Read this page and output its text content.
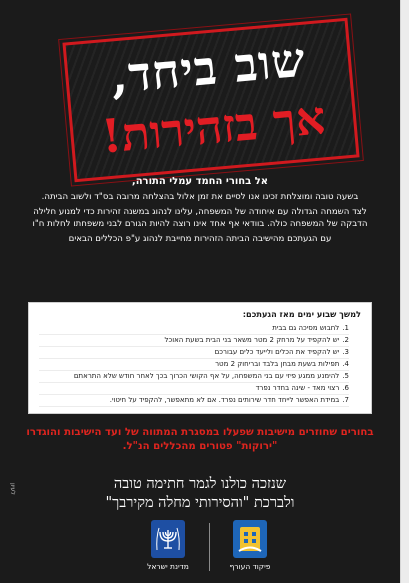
שוב ביחד,
אך בזהירות!
אל בחורי החמד עמלי התורה,

בשעה טובה ומוצלחת זכינו אנו לסיים את זמן אלול בהצלחה מרובה בס"ד ולשוב הביתה.

לצד השמחה הגדולה עם איחודה של המשפחה, עלינו לנהוג במשנה זהירות כדי למנוע חלילה הדבקה של המשפחה כולה. בוודאי אף אחד אינו רוצה להיות הגורם לבני משפחתו לחלות ח"ו

עם הגעתכם מהישיבה הביתה הזהירות מחייבת לנהוג ע"פ הכללים הבאים

למשך שבוע ימים מאז הגעתכם:
1.
לחבוש מסיכה גם בבית
2.
יש להקפיד על מרחק 2 מטר משאר בני הבית בשעת האוכל
3.
יש להקפיד את הכלים ולייעד כלים עבורכם
4.
תפילות בשעת מבחן בלבד ובריחוק 2 מטר
5.
להימנע ממגע פיזי עם בני המשפחה, על אף הקושי הכרוך בכך לאחר חודש שלא התראתם
6.
רצוי מאד - שינה בחדר נפרד
7.
במידת האפשר לייחד חדר שירותים נפרד. אם לא מתאפשר, להקפיד על חיטוי.
בחורים שחוזרים מישיבות שפעלו במסגרת המתווה של ועד הישיבות והוגדרו "ירוקות" פטורים מהכללים הנ"ל.
לעיון	שנזכה כולנו לגמר חתימה טובה
ולברכת "והסירותי מחלה מקירבך"
פיקוד העורף
מדינת ישראל
